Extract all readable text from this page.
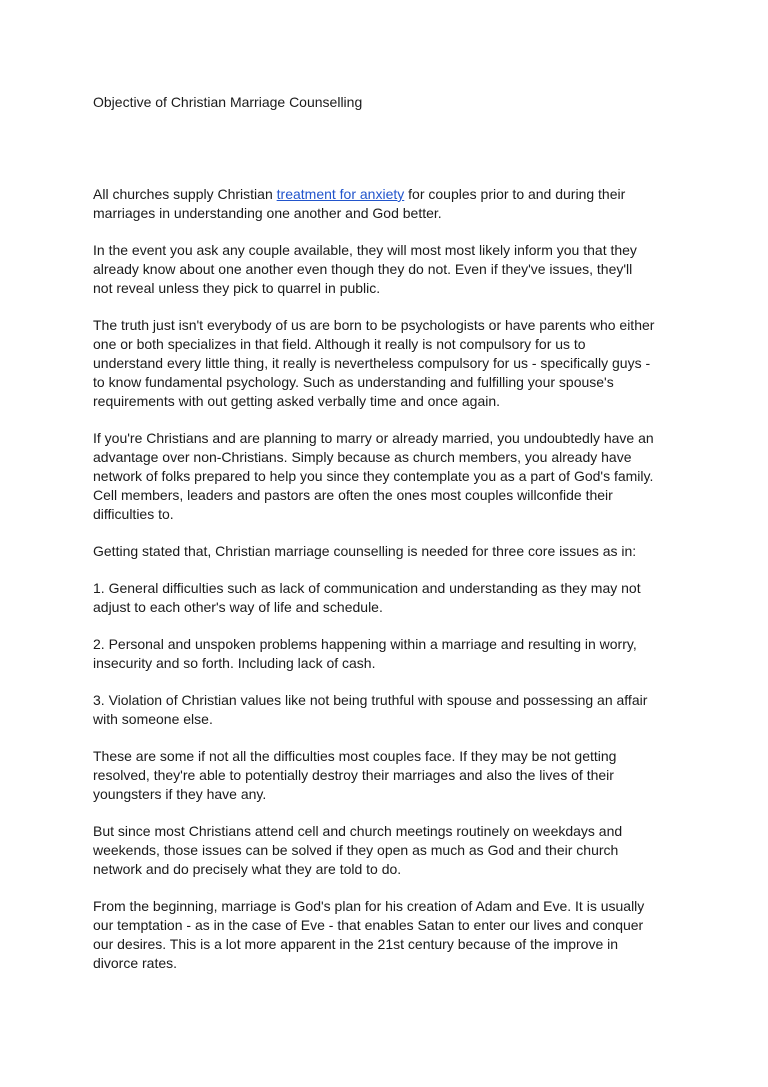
Objective of Christian Marriage Counselling

All churches supply Christian treatment for anxiety for couples prior to and during their marriages in understanding one another and God better.

In the event you ask any couple available, they will most most likely inform you that they already know about one another even though they do not. Even if they've issues, they'll not reveal unless they pick to quarrel in public.

The truth just isn't everybody of us are born to be psychologists or have parents who either one or both specializes in that field. Although it really is not compulsory for us to understand every little thing, it really is nevertheless compulsory for us - specifically guys - to know fundamental psychology. Such as understanding and fulfilling your spouse's requirements with out getting asked verbally time and once again.

If you're Christians and are planning to marry or already married, you undoubtedly have an advantage over non-Christians. Simply because as church members, you already have network of folks prepared to help you since they contemplate you as a part of God's family. Cell members, leaders and pastors are often the ones most couples willconfide their difficulties to.

Getting stated that, Christian marriage counselling is needed for three core issues as in:

1. General difficulties such as lack of communication and understanding as they may not adjust to each other's way of life and schedule.

2. Personal and unspoken problems happening within a marriage and resulting in worry, insecurity and so forth. Including lack of cash.

3. Violation of Christian values like not being truthful with spouse and possessing an affair with someone else.

These are some if not all the difficulties most couples face. If they may be not getting resolved, they're able to potentially destroy their marriages and also the lives of their youngsters if they have any.

But since most Christians attend cell and church meetings routinely on weekdays and weekends, those issues can be solved if they open as much as God and their church network and do precisely what they are told to do.

From the beginning, marriage is God's plan for his creation of Adam and Eve. It is usually our temptation - as in the case of Eve - that enables Satan to enter our lives and conquer our desires. This is a lot more apparent in the 21st century because of the improve in divorce rates.
